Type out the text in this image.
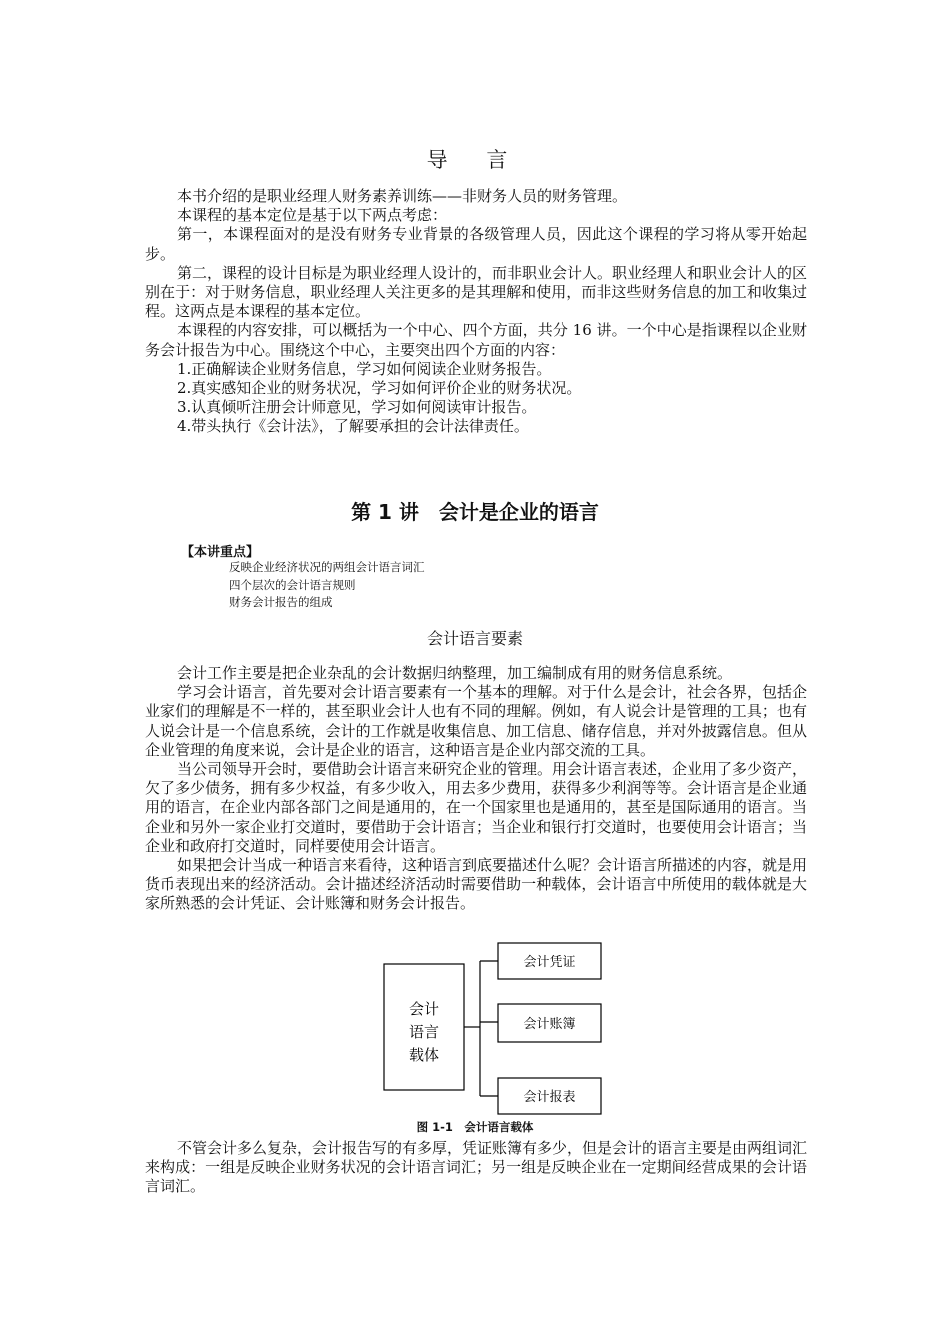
导 言

本书介绍的是职业经理人财务素养训练——非财务人员的财务管理。

本课程的基本定位是基于以下两点考虑：

第一，本课程面对的是没有财务专业背景的各级管理人员，因此这个课程的学习将从零开始起步。

第二，课程的设计目标是为职业经理人设计的，而非职业会计人。职业经理人和职业会计人的区别在于：对于财务信息，职业经理人关注更多的是其理解和使用，而非这些财务信息的加工和收集过程。这两点是本课程的基本定位。

本课程的内容安排，可以概括为一个中心、四个方面，共分 16 讲。一个中心是指课程以企业财务会计报告为中心。围绕这个中心，主要突出四个方面的内容：

1.正确解读企业财务信息，学习如何阅读企业财务报告。

2.真实感知企业的财务状况，学习如何评价企业的财务状况。

3.认真倾听注册会计师意见，学习如何阅读审计报告。

4.带头执行《会计法》，了解要承担的会计法律责任。

第 1 讲　会计是企业的语言
【本讲重点】
反映企业经济状况的两组会计语言词汇
四个层次的会计语言规则
财务会计报告的组成
会计语言要素

会计工作主要是把企业杂乱的会计数据归纳整理，加工编制成有用的财务信息系统。

学习会计语言，首先要对会计语言要素有一个基本的理解。对于什么是会计，社会各界，包括企业家们的理解是不一样的，甚至职业会计人也有不同的理解。例如，有人说会计是管理的工具；也有人说会计是一个信息系统，会计的工作就是收集信息、加工信息、储存信息，并对外披露信息。但从企业管理的角度来说，会计是企业的语言，这种语言是企业内部交流的工具。

当公司领导开会时，要借助会计语言来研究企业的管理。用会计语言表述，企业用了多少资产，欠了多少债务，拥有多少权益，有多少收入，用去多少费用，获得多少利润等等。会计语言是企业通用的语言，在企业内部各部门之间是通用的，在一个国家里也是通用的，甚至是国际通用的语言。当企业和另外一家企业打交道时，要借助于会计语言；当企业和银行打交道时，也要使用会计语言；当企业和政府打交道时，同样要使用会计语言。

如果把会计当成一种语言来看待，这种语言到底要描述什么呢？会计语言所描述的内容，就是用货币表现出来的经济活动。会计描述经济活动时需要借助一种载体，会计语言中所使用的载体就是大家所熟悉的会计凭证、会计账簿和财务会计报告。

会计
语言
载体
会计凭证
会计账簿
会计报表
图 1-1　会计语言载体

不管会计多么复杂，会计报告写的有多厚，凭证账簿有多少，但是会计的语言主要是由两组词汇来构成：一组是反映企业财务状况的会计语言词汇；另一组是反映企业在一定期间经营成果的会计语言词汇。
